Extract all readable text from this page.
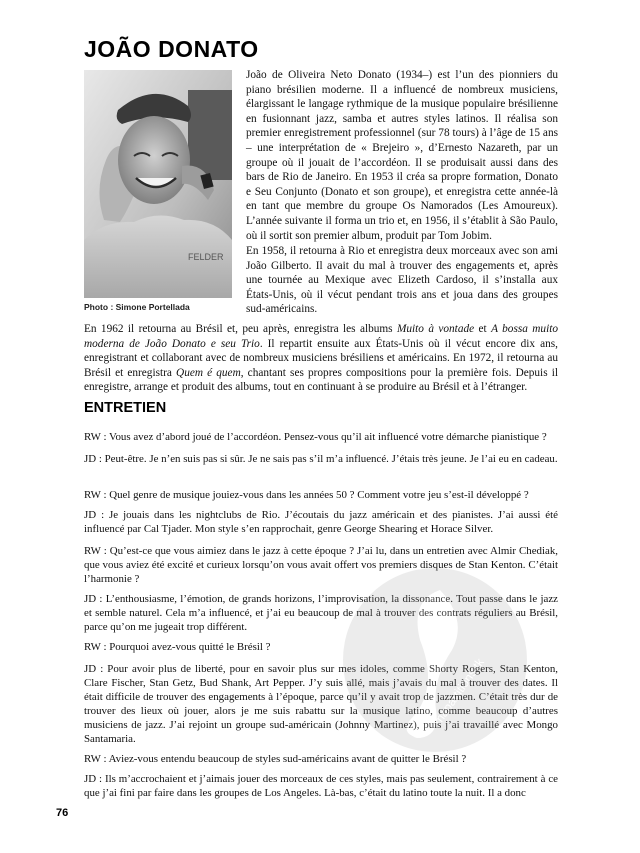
JOÃO DONATO
FELDER
Photo : Simone Portellada

João de Oliveira Neto Donato (1934–) est l’un des pionniers du piano brésilien moderne. Il a influencé de nombreux musiciens, élargissant le langage rythmique de la musique populaire brésilienne en fusionnant jazz, samba et autres styles latinos. Il réalisa son premier enregistrement professionnel (sur 78 tours) à l’âge de 15 ans – une interprétation de « Brejeiro », d’Ernesto Nazareth, par un groupe où il jouait de l’accordéon. Il se produisait aussi dans des bars de Rio de Janeiro. En 1953 il créa sa propre formation, Donato e Seu Conjunto (Donato et son groupe), et enregistra cette année-là en tant que membre du groupe Os Namorados (Les Amoureux). L’année suivante il forma un trio et, en 1956, il s’établit à São Paulo, où il sortit son premier album, produit par Tom Jobim.

En 1958, il retourna à Rio et enregistra deux morceaux avec son ami João Gilberto. Il avait du mal à trouver des engagements et, après une tournée au Mexique avec Elizeth Cardoso, il s’installa aux États-Unis, où il vécut pendant trois ans et joua dans des groupes sud-américains.

En 1962 il retourna au Brésil et, peu après, enregistra les albums Muito à vontade et A bossa muito moderna de João Donato e seu Trio. Il repartit ensuite aux États-Unis où il vécut encore dix ans, enregistrant et collaborant avec de nombreux musiciens brésiliens et américains. En 1972, il retourna au Brésil et enregistra Quem é quem, chantant ses propres compositions pour la première fois. Depuis il enregistre, arrange et produit des albums, tout en continuant à se produire au Brésil et à l’étranger.

ENTRETIEN

RW : Vous avez d’abord joué de l’accordéon. Pensez-vous qu’il ait influencé votre démarche pianistique ?

JD : Peut-être. Je n’en suis pas si sûr. Je ne sais pas s’il m’a influencé. J’étais très jeune. Je l’ai eu en cadeau.

RW : Quel genre de musique jouiez-vous dans les années 50 ? Comment votre jeu s’est-il développé ?

JD : Je jouais dans les nightclubs de Rio. J’écoutais du jazz américain et des pianistes. J’ai aussi été influencé par Cal Tjader. Mon style s’en rapprochait, genre George Shearing et Horace Silver.

RW : Qu’est-ce que vous aimiez dans le jazz à cette époque ? J’ai lu, dans un entretien avec Almir Chediak, que vous aviez été excité et curieux lorsqu’on vous avait offert vos premiers disques de Stan Kenton. C’était l’harmonie ?

JD : L’enthousiasme, l’émotion, de grands horizons, l’improvisation, la dissonance. Tout passe dans le jazz et semble naturel. Cela m’a influencé, et j’ai eu beaucoup de mal à trouver des contrats réguliers au Brésil, parce qu’on me jugeait trop différent.

RW : Pourquoi avez-vous quitté le Brésil ?

JD : Pour avoir plus de liberté, pour en savoir plus sur mes idoles, comme Shorty Rogers, Stan Kenton, Clare Fischer, Stan Getz, Bud Shank, Art Pepper. J’y suis allé, mais j’avais du mal à trouver des dates. Il était difficile de trouver des engagements à l’époque, parce qu’il y avait trop de jazzmen. C’était très dur de trouver des lieux où jouer, alors je me suis rabattu sur la musique latino, comme beaucoup d’autres musiciens de jazz. J’ai rejoint un groupe sud-américain (Johnny Martinez), puis j’ai travaillé avec Mongo Santamaria.

RW : Aviez-vous entendu beaucoup de styles sud-américains avant de quitter le Brésil ?

JD : Ils m’accrochaient et j’aimais jouer des morceaux de ces styles, mais pas seulement, contrairement à ce que j’ai fini par faire dans les groupes de Los Angeles. Là-bas, c’était du latino toute la nuit. Il a donc

76
mapartitions.tk
